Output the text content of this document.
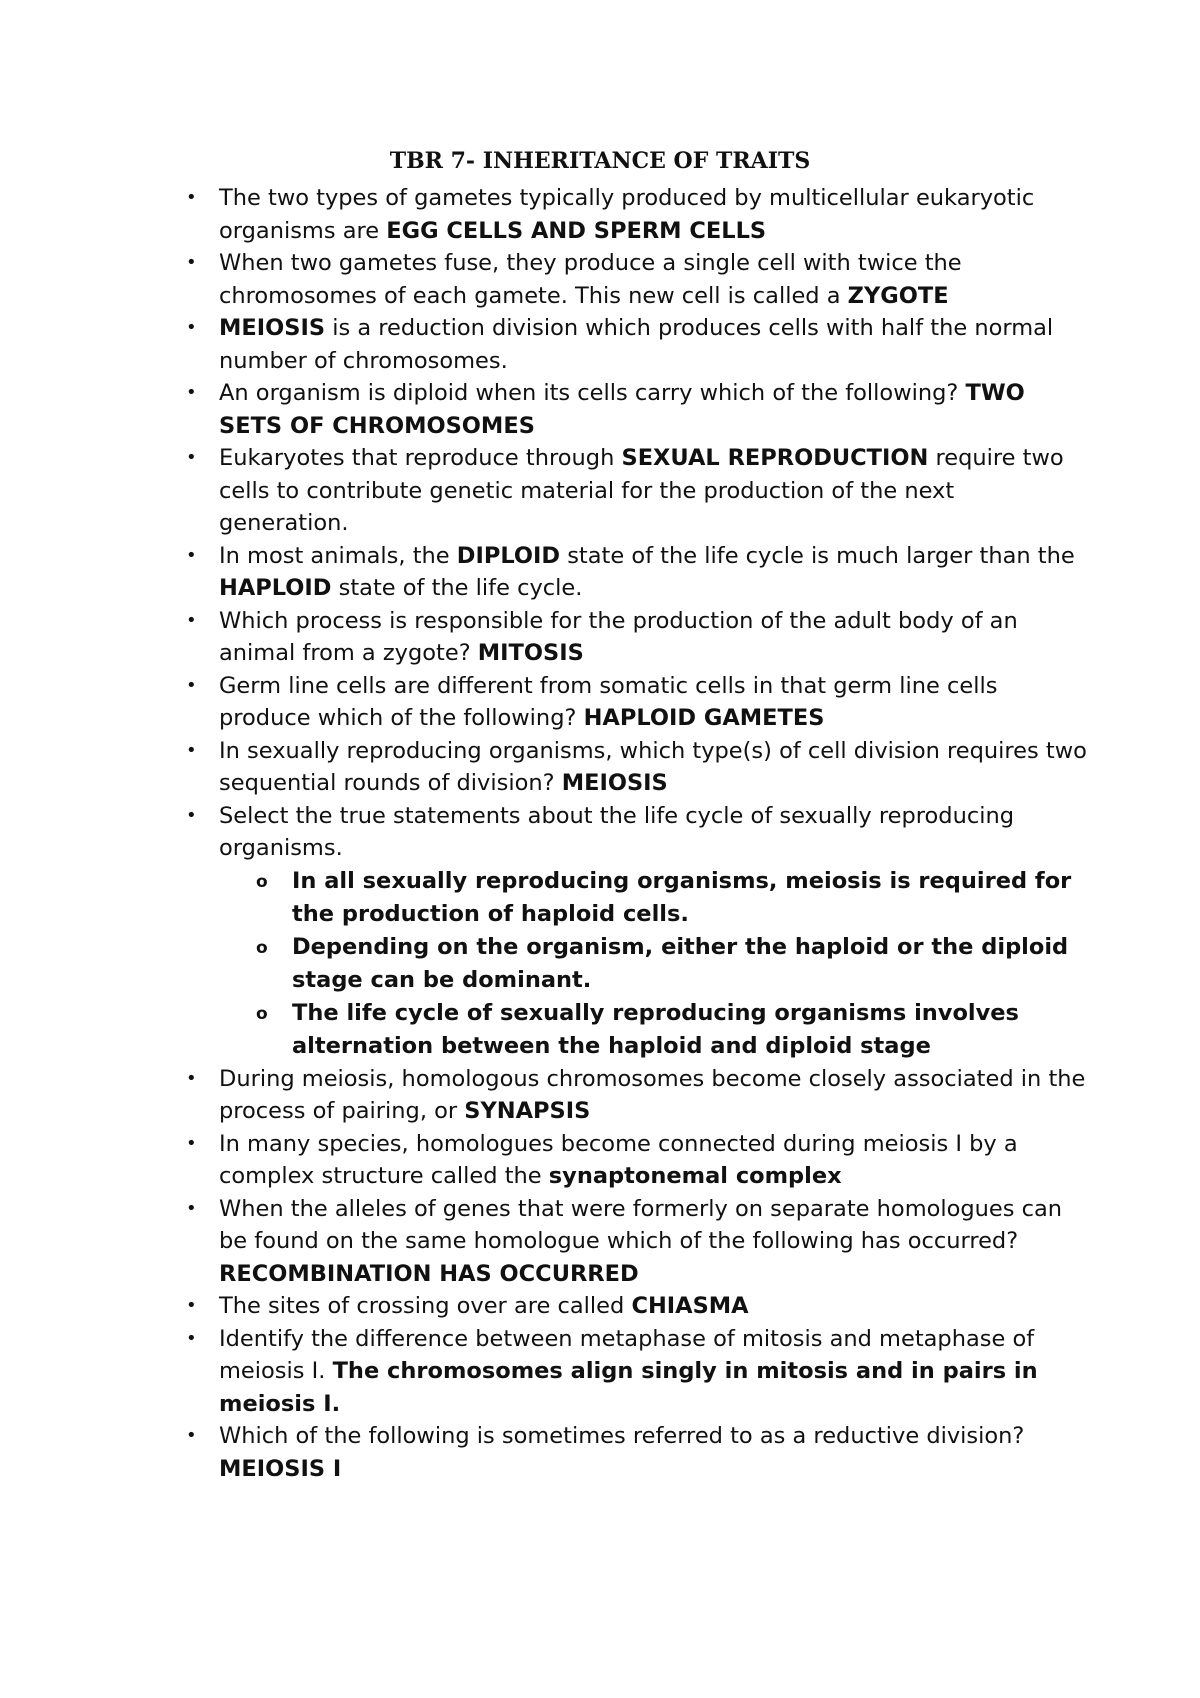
TBR 7- INHERITANCE OF TRAITS
• The two types of gametes typically produced by multicellular eukaryotic organisms are EGG CELLS AND SPERM CELLS
• When two gametes fuse, they produce a single cell with twice the chromosomes of each gamete. This new cell is called a ZYGOTE
• MEIOSIS is a reduction division which produces cells with half the normal number of chromosomes.
• An organism is diploid when its cells carry which of the following? TWO SETS OF CHROMOSOMES
• Eukaryotes that reproduce through SEXUAL REPRODUCTION require two cells to contribute genetic material for the production of the next generation.
• In most animals, the DIPLOID state of the life cycle is much larger than the HAPLOID state of the life cycle.
• Which process is responsible for the production of the adult body of an animal from a zygote? MITOSIS
• Germ line cells are different from somatic cells in that germ line cells produce which of the following? HAPLOID GAMETES
• In sexually reproducing organisms, which type(s) of cell division requires two sequential rounds of division? MEIOSIS
• Select the true statements about the life cycle of sexually reproducing organisms.
o In all sexually reproducing organisms, meiosis is required for the production of haploid cells.
o Depending on the organism, either the haploid or the diploid stage can be dominant.
o The life cycle of sexually reproducing organisms involves alternation between the haploid and diploid stage
• During meiosis, homologous chromosomes become closely associated in the process of pairing, or SYNAPSIS
• In many species, homologues become connected during meiosis I by a complex structure called the synaptonemal complex
• When the alleles of genes that were formerly on separate homologues can be found on the same homologue which of the following has occurred? RECOMBINATION HAS OCCURRED
• The sites of crossing over are called CHIASMA
• Identify the difference between metaphase of mitosis and metaphase of meiosis I. The chromosomes align singly in mitosis and in pairs in meiosis I.
• Which of the following is sometimes referred to as a reductive division? MEIOSIS I
